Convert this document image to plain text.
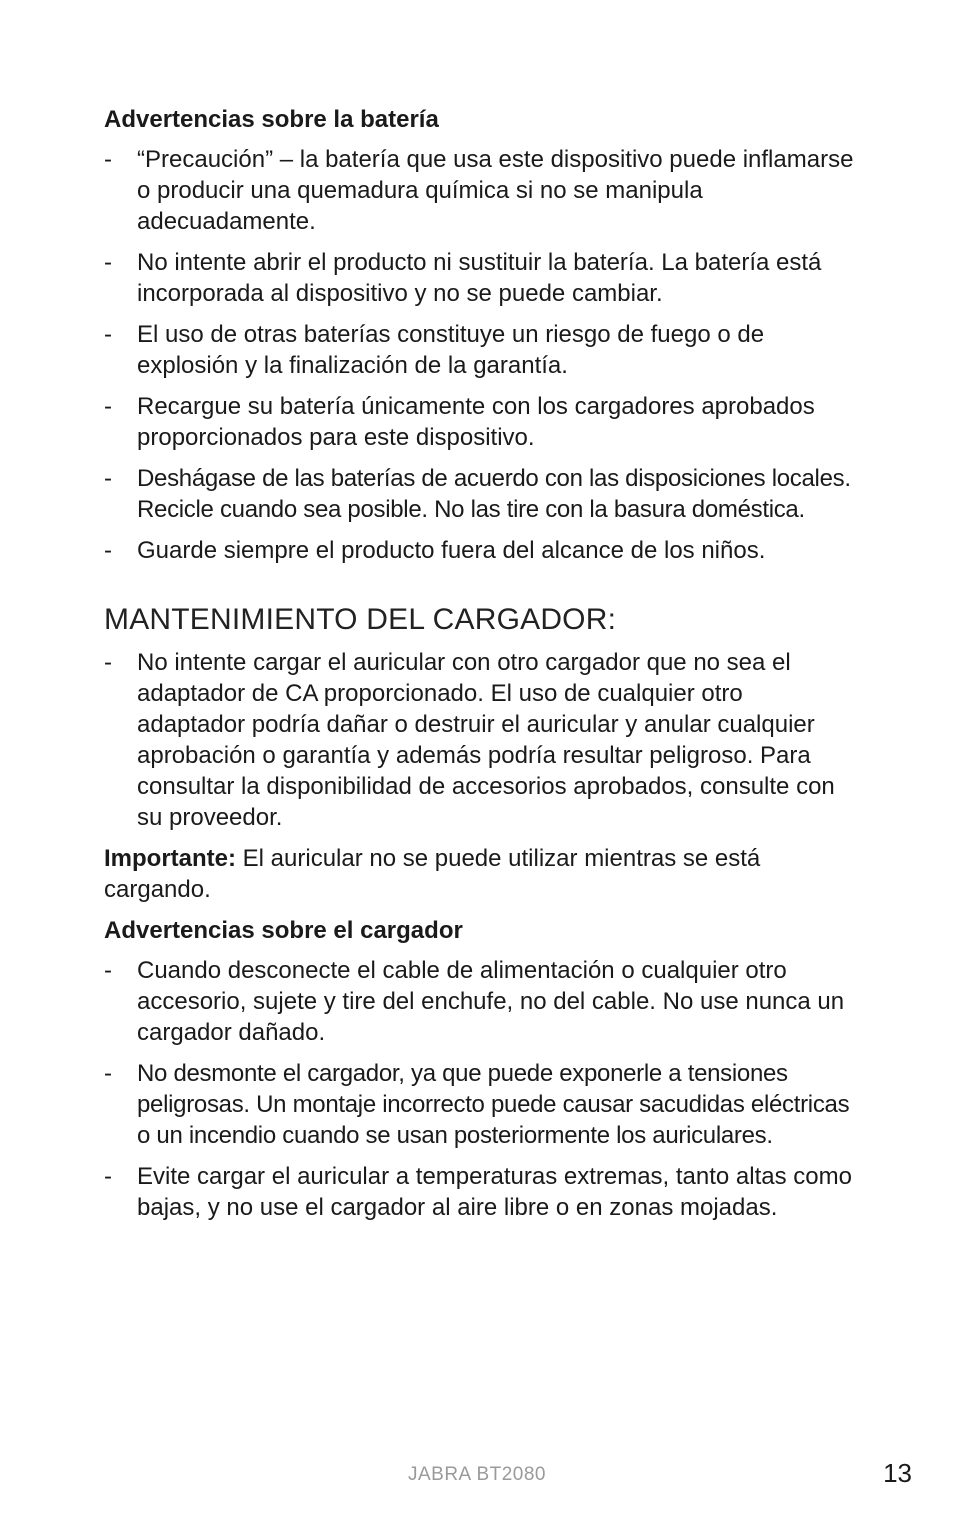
Advertencias sobre la batería
- “Precaución” – la batería que usa este dispositivo puede inflamarse o producir una quemadura química si no se manipula adecuadamente.
- No intente abrir el producto ni sustituir la batería. La batería está incorporada al dispositivo y no se puede cambiar.
- El uso de otras baterías constituye un riesgo de fuego o de explosión y la finalización de la garantía.
- Recargue su batería únicamente con los cargadores aprobados proporcionados para este dispositivo.
- Deshágase de las baterías de acuerdo con las disposiciones locales. Recicle cuando sea posible. No las tire con la basura doméstica.
- Guarde siempre el producto fuera del alcance de los niños.
MANTENIMIENTO DEL CARGADOR:
- No intente cargar el auricular con otro cargador que no sea el adaptador de CA proporcionado. El uso de cualquier otro adaptador podría dañar o destruir el auricular y anular cualquier aprobación o garantía y además podría resultar peligroso. Para consultar la disponibilidad de accesorios aprobados, consulte con su proveedor.

Importante: El auricular no se puede utilizar mientras se está cargando.

Advertencias sobre el cargador
- Cuando desconecte el cable de alimentación o cualquier otro accesorio, sujete y tire del enchufe, no del cable. No use nunca un cargador dañado.
- No desmonte el cargador, ya que puede exponerle a tensiones peligrosas. Un montaje incorrecto puede causar sacudidas eléctricas o un incendio cuando se usan posteriormente los auriculares.
- Evite cargar el auricular a temperaturas extremas, tanto altas como bajas, y no use el cargador al aire libre o en zonas mojadas.
JABRA BT2080	13
